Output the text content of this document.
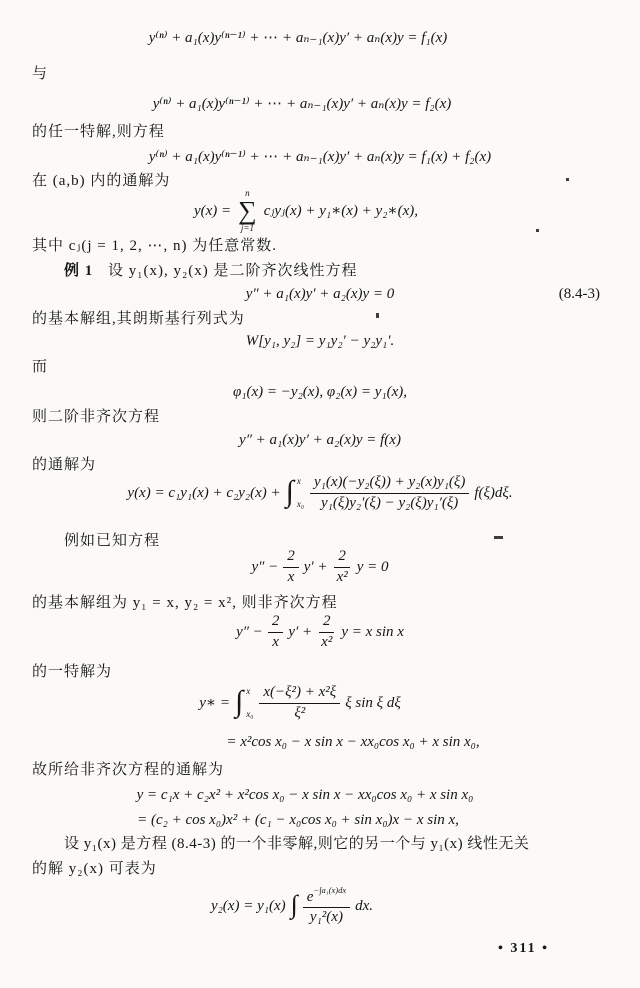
y⁽ⁿ⁾ + a₁(x)y⁽ⁿ⁻¹⁾ + ⋯ + aₙ₋₁(x)y′ + aₙ(x)y = f₁(x)
与
y⁽ⁿ⁾ + a₁(x)y⁽ⁿ⁻¹⁾ + ⋯ + aₙ₋₁(x)y′ + aₙ(x)y = f₂(x)
的任一特解,则方程
y⁽ⁿ⁾ + a₁(x)y⁽ⁿ⁻¹⁾ + ⋯ + aₙ₋₁(x)y′ + aₙ(x)y = f₁(x) + f₂(x)
在 (a,b) 内的通解为
y(x) =
n
∑
j=1
cⱼyⱼ(x) + y₁∗(x) + y₂∗(x),
其中 cⱼ(j = 1, 2, ⋯, n) 为任意常数.
例 1 设 y₁(x), y₂(x) 是二阶齐次线性方程
y″ + a₁(x)y′ + a₂(x)y = 0	(8.4-3)
的基本解组,其朗斯基行列式为
W[y₁, y₂] = y₁y₂′ − y₂y₁′.
而
φ₁(x) = −y₂(x), φ₂(x) = y₁(x),
则二阶非齐次方程
y″ + a₁(x)y′ + a₂(x)y = f(x)
的通解为
y(x) = c₁y₁(x) + c₂y₂(x) + ∫ x
$x_0 \frac{\text{y₁(x)(−y₂(ξ)) + y₂(x)y₁(ξ)}}{\text{y₁(ξ)y₂′(ξ) − y₂(ξ)y₁′(ξ)}} f(\xi)d\xi$.
例如已知方程
$y'' - \frac{2}{x} y' + \frac{2}{\text{x²}}$ y = 0
的基本解组为 y₁ = x, y₂ = x², 则非齐次方程
$y'' - \frac{2}{x} y' + \frac{2}{\text{x²}}$ y = x sin x
的一特解为
y∗ = ∫ x
$x_0 \frac{\text{x(−ξ²) + x²ξ}}{\text{ξ²}}$ ξ sin ξ dξ
= x²cos x₀ − x sin x − xx₀cos x₀ + x sin x₀,
故所给非齐次方程的通解为
y = c₁x + c₂x² + x²cos x₀ − x sin x − xx₀cos x₀ + x sin x₀
= (c₂ + cos x₀)x² + (c₁ − x₀cos x₀ + sin x₀)x − x sin x,
设 y₁(x) 是方程 (8.4-3) 的一个非零解,则它的另一个与 y₁(x) 线性无关
的解 y₂(x) 可表为
y₂(x) = y₁(x) ∫ $\frac{e^{-\int a_1(x)dx}}{\text{y₁²(x)}}$ dx.
• 311 •
